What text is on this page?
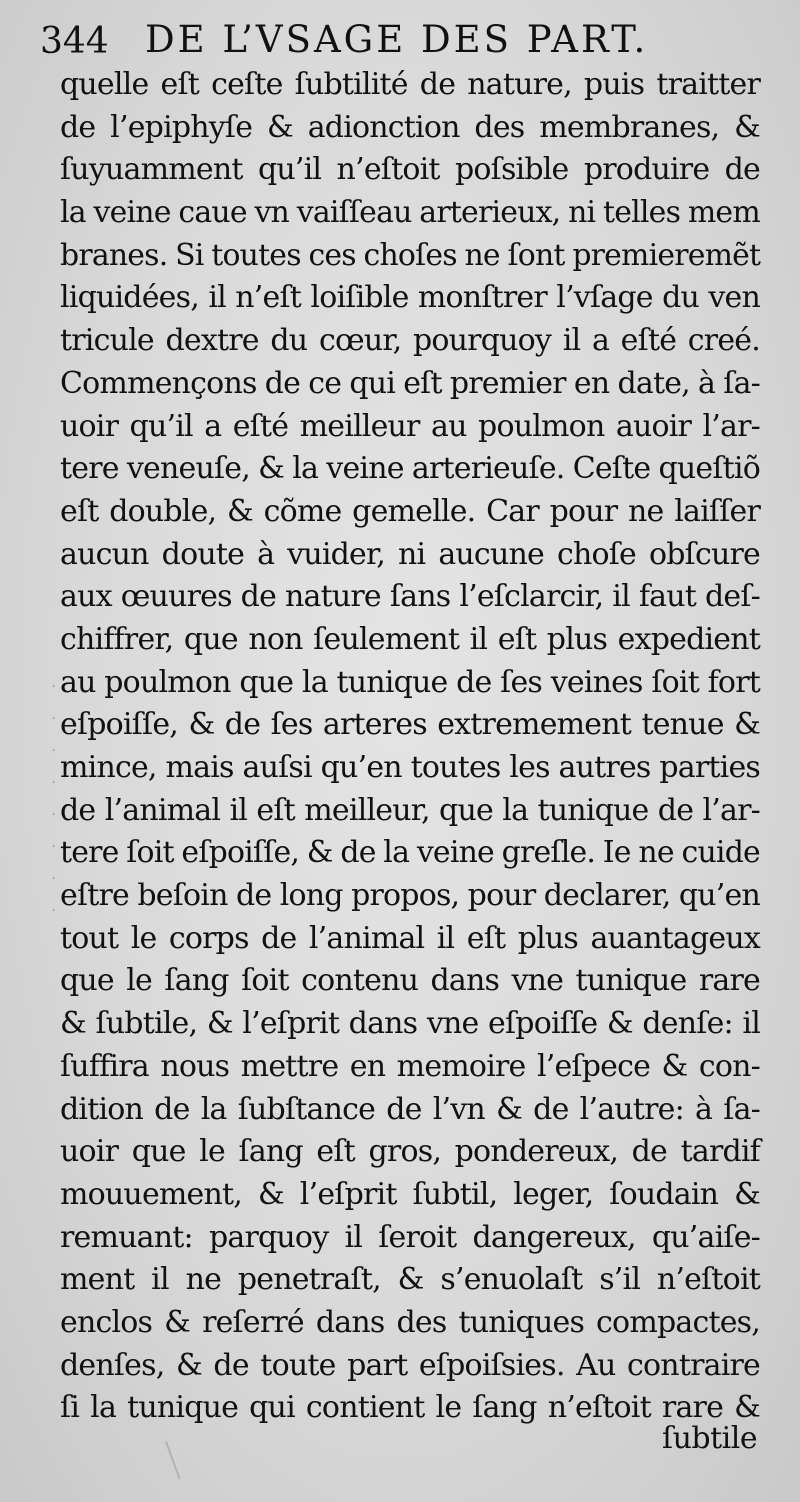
·
·
·
·
·
·
·
·
344 DE L’VSAGE DES PART.
quelle eſt ceſte ſubtilité de nature, puis traitter
de l’epiphyſe & adionction des membranes, &
ſuyuamment qu’il n’eſtoit poſsible produire de
la veine caue vn vaiſſeau arterieux, ni telles mem
branes. Si toutes ces choſes ne ſont premieremẽt
liquidées, il n’eſt loiſible monſtrer l’vſage du ven
tricule dextre du cœur, pourquoy il a eſté creé.
Commençons de ce qui eſt premier en date, à ſa-
uoir qu’il a eſté meilleur au poulmon auoir l’ar-
tere veneuſe, & la veine arterieuſe. Ceſte queſtiõ
eſt double, & cõme gemelle. Car pour ne laiſſer
aucun doute à vuider, ni aucune choſe obſcure
aux œuures de nature ſans l’eſclarcir, il faut deſ-
chiffrer, que non ſeulement il eſt plus expedient
au poulmon que la tunique de ſes veines ſoit fort
eſpoiſſe, & de ſes arteres extremement tenue &
mince, mais auſsi qu’en toutes les autres parties
de l’animal il eſt meilleur, que la tunique de l’ar-
tere ſoit eſpoiſſe, & de la veine greſle. Ie ne cuide
eſtre beſoin de long propos, pour declarer, qu’en
tout le corps de l’animal il eſt plus auantageux
que le ſang ſoit contenu dans vne tunique rare
& ſubtile, & l’eſprit dans vne eſpoiſſe & denſe: il
ſuffira nous mettre en memoire l’eſpece & con-
dition de la ſubſtance de l’vn & de l’autre: à ſa-
uoir que le ſang eſt gros, pondereux, de tardif
mouuement, & l’eſprit ſubtil, leger, ſoudain &
remuant: parquoy il ſeroit dangereux, qu’aiſe-
ment il ne penetraſt, & s’enuolaſt s’il n’eſtoit
enclos & reſerré dans des tuniques compactes,
denſes, & de toute part eſpoiſsies. Au contraire
ſi la tunique qui contient le ſang n’eſtoit rare &
ſubtile
